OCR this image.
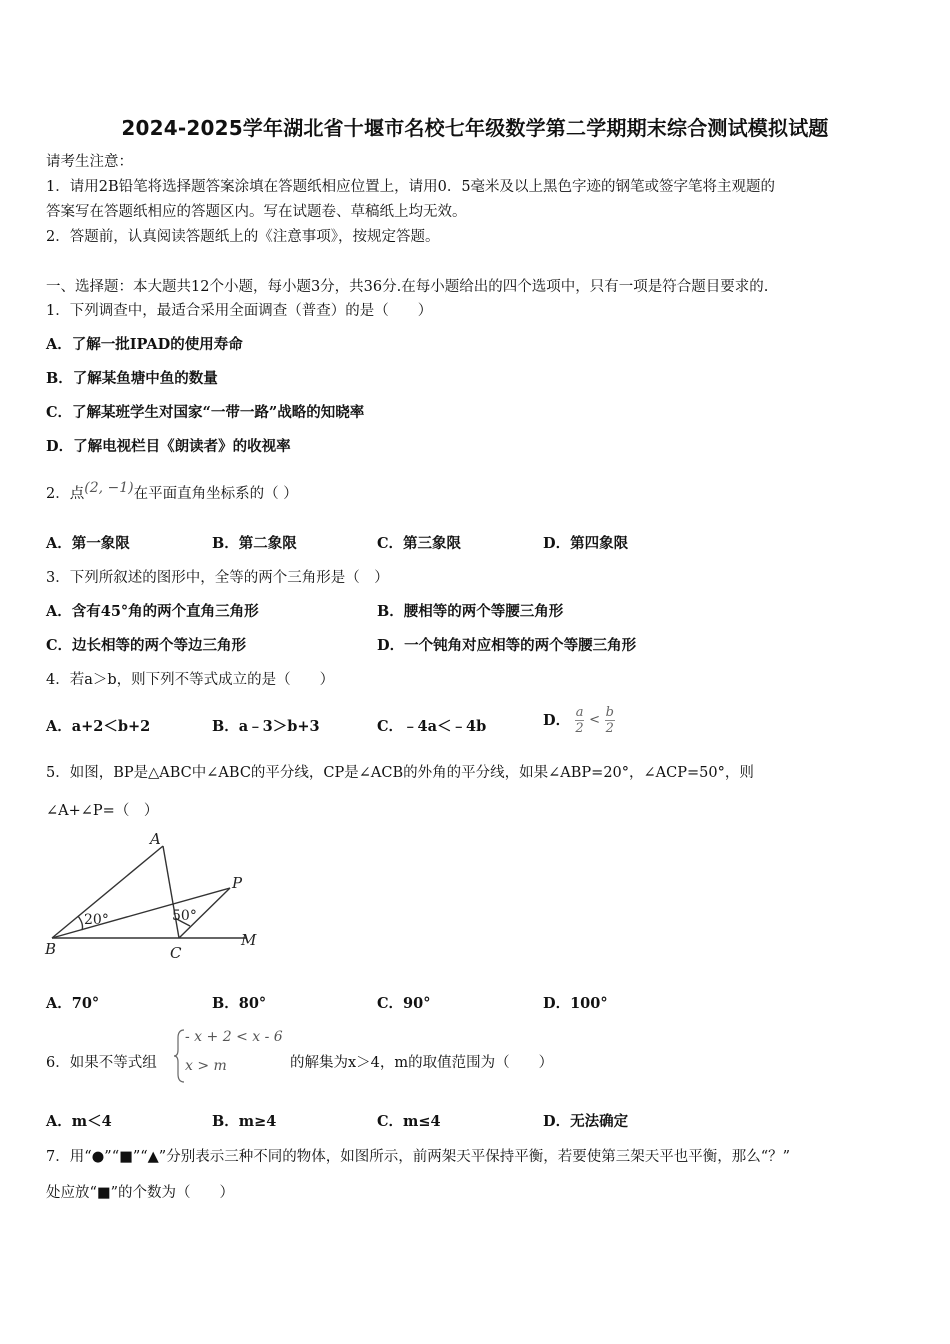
2024-2025学年湖北省十堰市名校七年级数学第二学期期末综合测试模拟试题
请考生注意：
1．请用2B铅笔将选择题答案涂填在答题纸相应位置上，请用0．5毫米及以上黑色字迹的钢笔或签字笔将主观题的
答案写在答题纸相应的答题区内。写在试题卷、草稿纸上均无效。
2．答题前，认真阅读答题纸上的《注意事项》，按规定答题。
一、选择题：本大题共12个小题，每小题3分，共36分.在每小题给出的四个选项中，只有一项是符合题目要求的.
1．下列调查中，最适合采用全面调查（普查）的是（　　）
A．了解一批IPAD的使用寿命
B．了解某鱼塘中鱼的数量
C．了解某班学生对国家“一带一路”战略的知晓率
D．了解电视栏目《朗读者》的收视率
2．点(2, −1)在平面直角坐标系的（ ）
A．第一象限	B．第二象限	C．第三象限	D．第四象限
3．下列所叙述的图形中，全等的两个三角形是（　）
A．含有45°角的两个直角三角形	B．腰相等的两个等腰三角形
C．边长相等的两个等边三角形	D．一个钝角对应相等的两个等腰三角形
4．若a＞b，则下列不等式成立的是（　　）
A．a+2＜b+2	B．a﹣3＞b+3	C．﹣4a＜﹣4b	D． $\frac{a}{2} < \frac{b}{2}$
5．如图，BP是△ABC中∠ABC的平分线，CP是∠ACB的外角的平分线，如果∠ABP=20°，∠ACP=50°，则
∠A+∠P=（　）
A
B	C
P
M
20°	50°
A．70°	B．80°	C．90°	D．100°
6．如果不等式组
- x + 2 < x - 6
x > m	的解集为x＞4，m的取值范围为（　　）
A．m＜4	B．m≥4	C．m≤4	D．无法确定
7．用“●”“■”“▲”分别表示三种不同的物体，如图所示，前两架天平保持平衡，若要使第三架天平也平衡，那么“？”
处应放“■”的个数为（　　）
